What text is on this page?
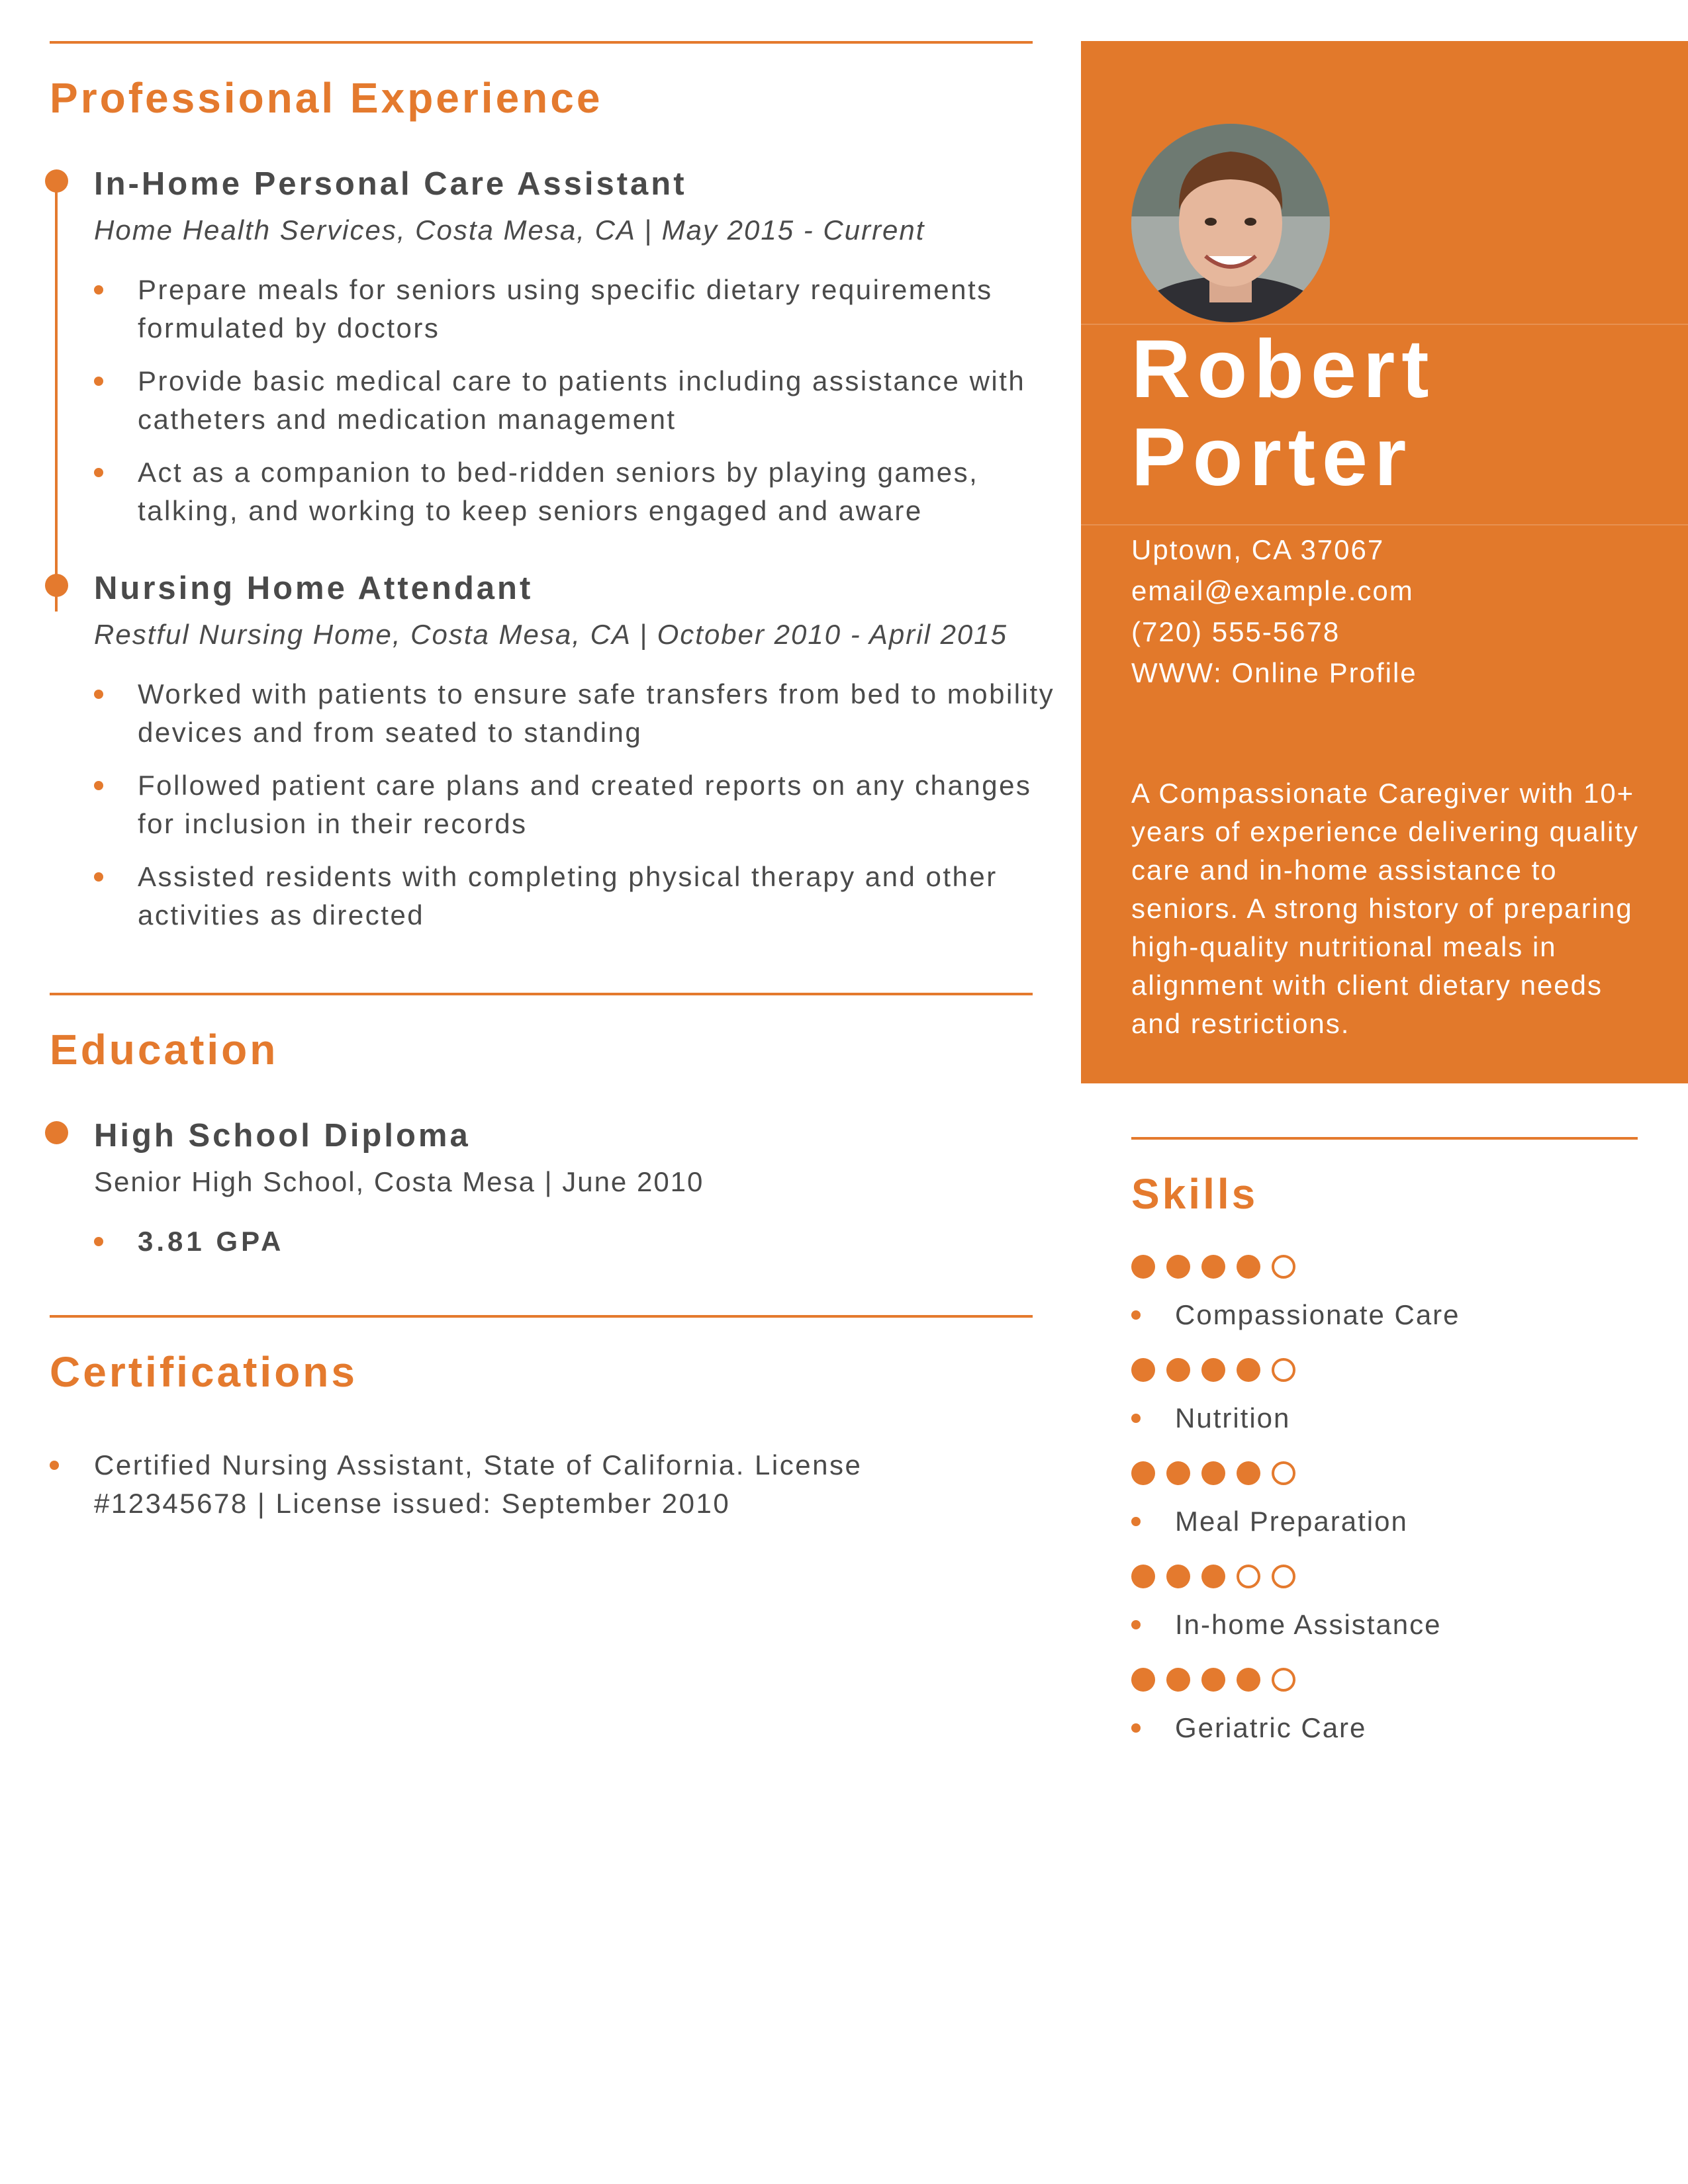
Professional Experience
In-Home Personal Care Assistant
Home Health Services, Costa Mesa, CA | May 2015 - Current
Prepare meals for seniors using specific dietary requirements formulated by doctors
Provide basic medical care to patients including assistance with catheters and medication management
Act as a companion to bed-ridden seniors by playing games, talking, and working to keep seniors engaged and aware
Nursing Home Attendant
Restful Nursing Home, Costa Mesa, CA | October 2010 - April 2015
Worked with patients to ensure safe transfers from bed to mobility devices and from seated to standing
Followed patient care plans and created reports on any changes for inclusion in their records
Assisted residents with completing physical therapy and other activities as directed
Education
High School Diploma
Senior High School, Costa Mesa | June 2010
3.81 GPA
Certifications
Certified Nursing Assistant, State of California. License #12345678 | License issued: September 2010
Robert
Porter
Uptown, CA 37067
email@example.com
(720) 555-5678
WWW: Online Profile
A Compassionate Caregiver with 10+ years of experience delivering quality care and in-home assistance to seniors. A strong history of preparing high-quality nutritional meals in alignment with client dietary needs and restrictions.
Skills
Compassionate Care
Nutrition
Meal Preparation
In-home Assistance
Geriatric Care
